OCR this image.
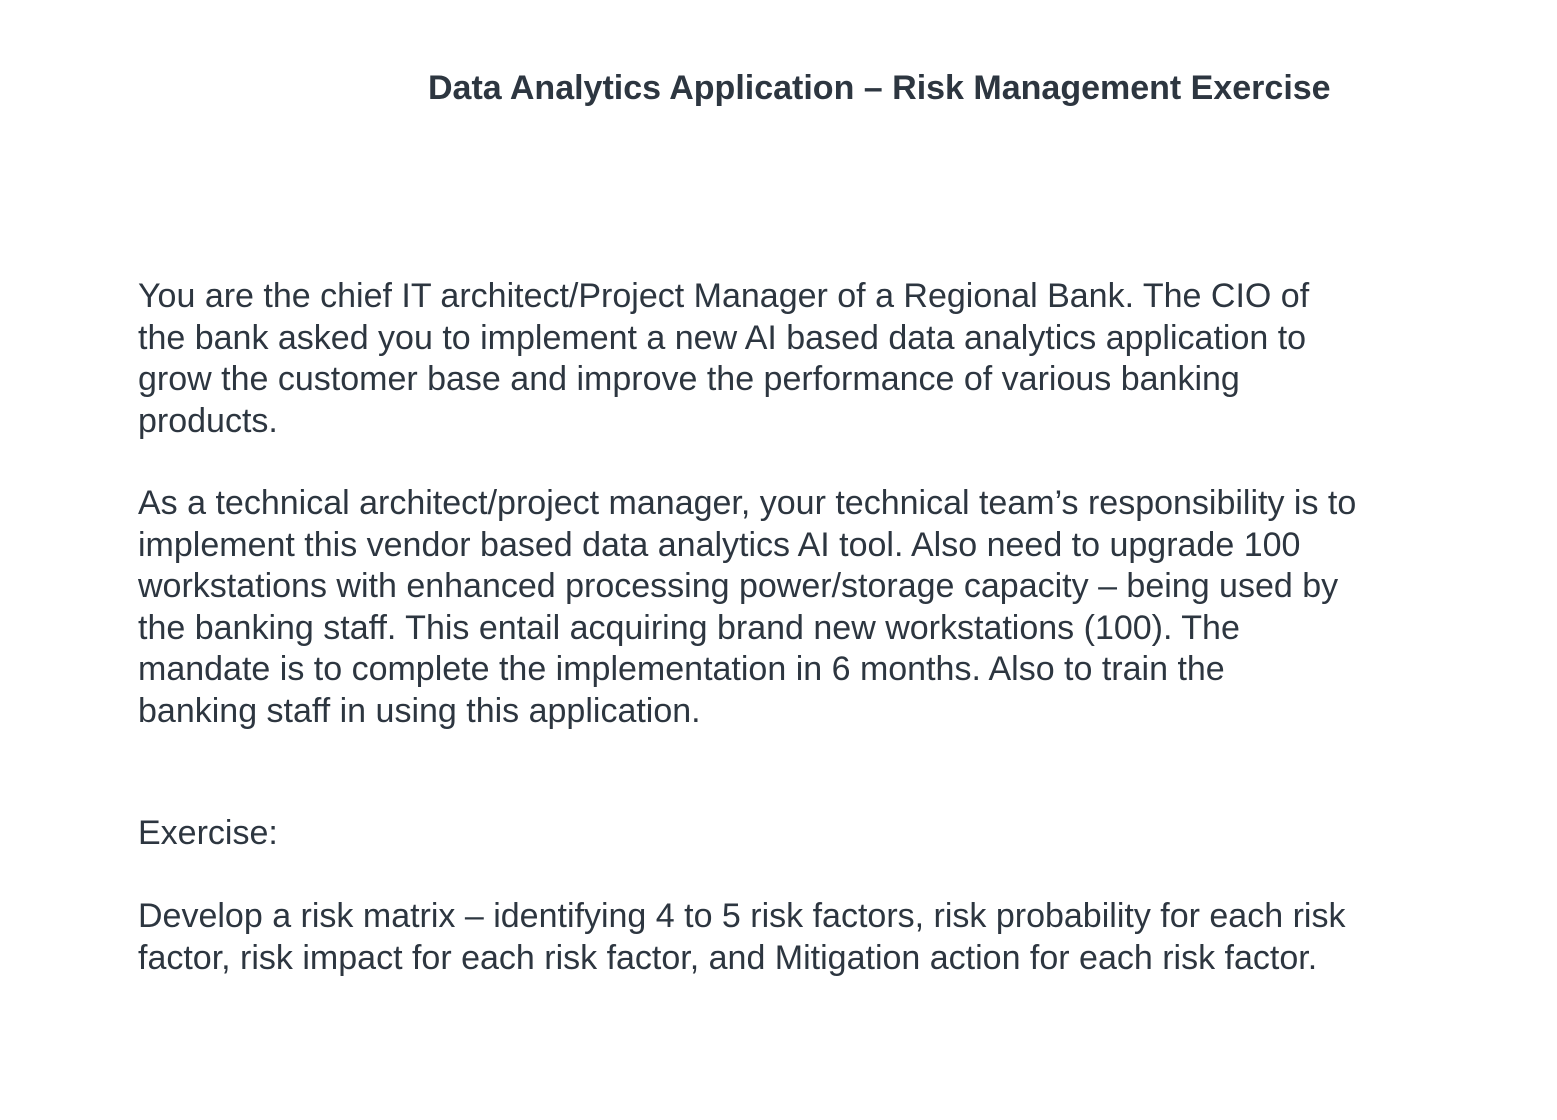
Data Analytics Application – Risk Management Exercise

You are the chief IT architect/Project Manager of a Regional Bank. The CIO of
the bank asked you to implement a new AI based data analytics application to
grow the customer base and improve the performance of various banking
products.

As a technical architect/project manager, your technical team’s responsibility is to
implement this vendor based data analytics AI tool. Also need to upgrade 100
workstations with enhanced processing power/storage capacity – being used by
the banking staff. This entail acquiring brand new workstations (100). The
mandate is to complete the implementation in 6 months. Also to train the
banking staff in using this application.

Exercise:

Develop a risk matrix – identifying 4 to 5 risk factors, risk probability for each risk
factor, risk impact for each risk factor, and Mitigation action for each risk factor.
